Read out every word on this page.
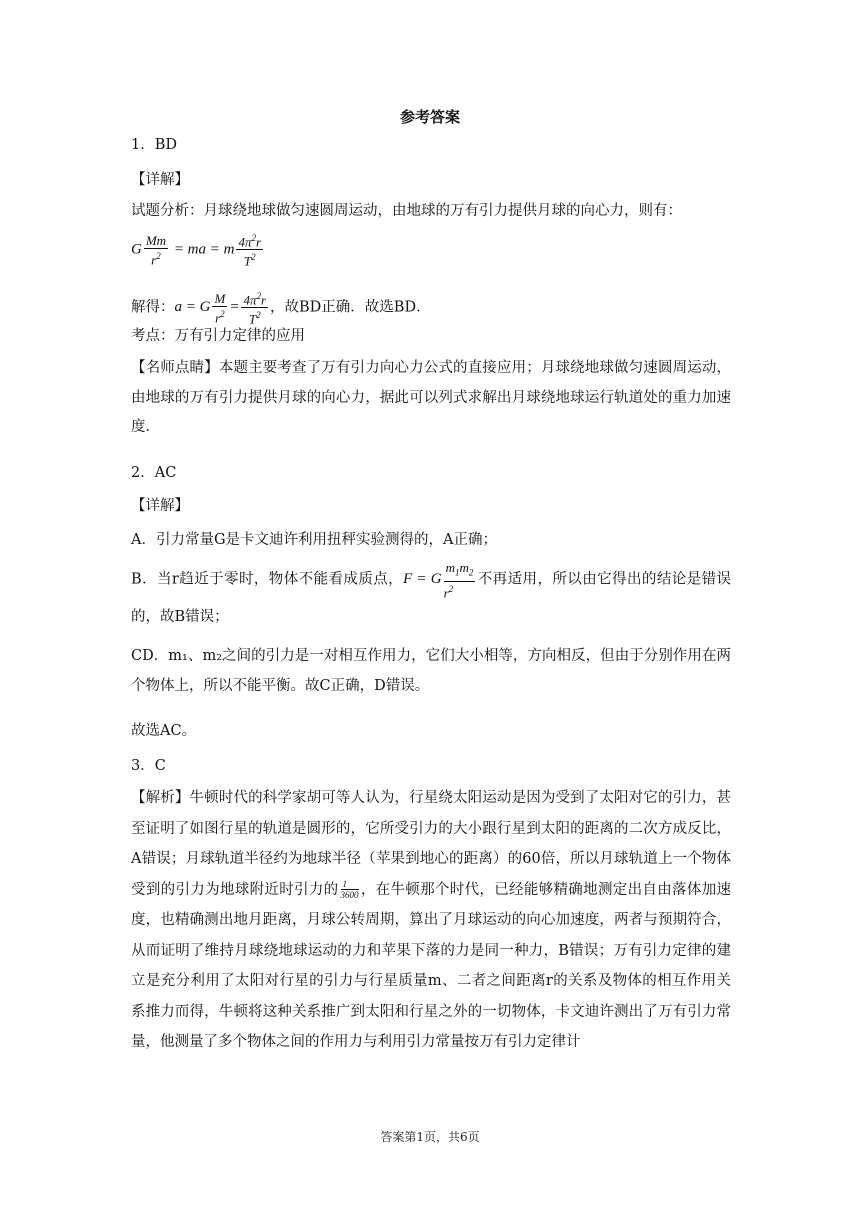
参考答案
1．BD
【详解】
试题分析：月球绕地球做匀速圆周运动，由地球的万有引力提供月球的向心力，则有：
G $\frac{Mm}{r^2}$ = ma = m $\frac{4\pi^2r}{T^2}$
解得：a = G $\frac{M}{r^2} = \frac{4\pi^2r}{T^2}$ ，故BD正确．故选BD．
考点：万有引力定律的应用
【名师点睛】本题主要考查了万有引力向心力公式的直接应用；月球绕地球做匀速圆周运动，由地球的万有引力提供月球的向心力，据此可以列式求解出月球绕地球运行轨道处的重力加速度．
2．AC
【详解】
A．引力常量G是卡文迪许利用扭秤实验测得的，A正确；
B．当r趋近于零时，物体不能看成质点，F = G $\frac{m_1m_2}{r^2}$ 不再适用，所以由它得出的结论是错误的，故B错误；
CD．m₁、m₂之间的引力是一对相互作用力，它们大小相等，方向相反，但由于分别作用在两个物体上，所以不能平衡。故C正确，D错误。
故选AC。
3．C
【解析】牛顿时代的科学家胡可等人认为，行星绕太阳运动是因为受到了太阳对它的引力，甚至证明了如图行星的轨道是圆形的，它所受引力的大小跟行星到太阳的距离的二次方成反比，A错误；月球轨道半径约为地球半径（苹果到地心的距离）的60倍，所以月球轨道上一个物体受到的引力为地球附近时引力的 $\frac{1}{3600}$ ，在牛顿那个时代，已经能够精确地测定出自由落体加速度，也精确测出地月距离，月球公转周期，算出了月球运动的向心加速度，两者与预期符合，从而证明了维持月球绕地球运动的力和苹果下落的力是同一种力，B错误；万有引力定律的建立是充分利用了太阳对行星的引力与行星质量m、二者之间距离r的关系及物体的相互作用关系推力而得，牛顿将这种关系推广到太阳和行星之外的一切物体，卡文迪许测出了万有引力常量，他测量了多个物体之间的作用力与利用引力常量按万有引力定律计
答案第1页，共6页
